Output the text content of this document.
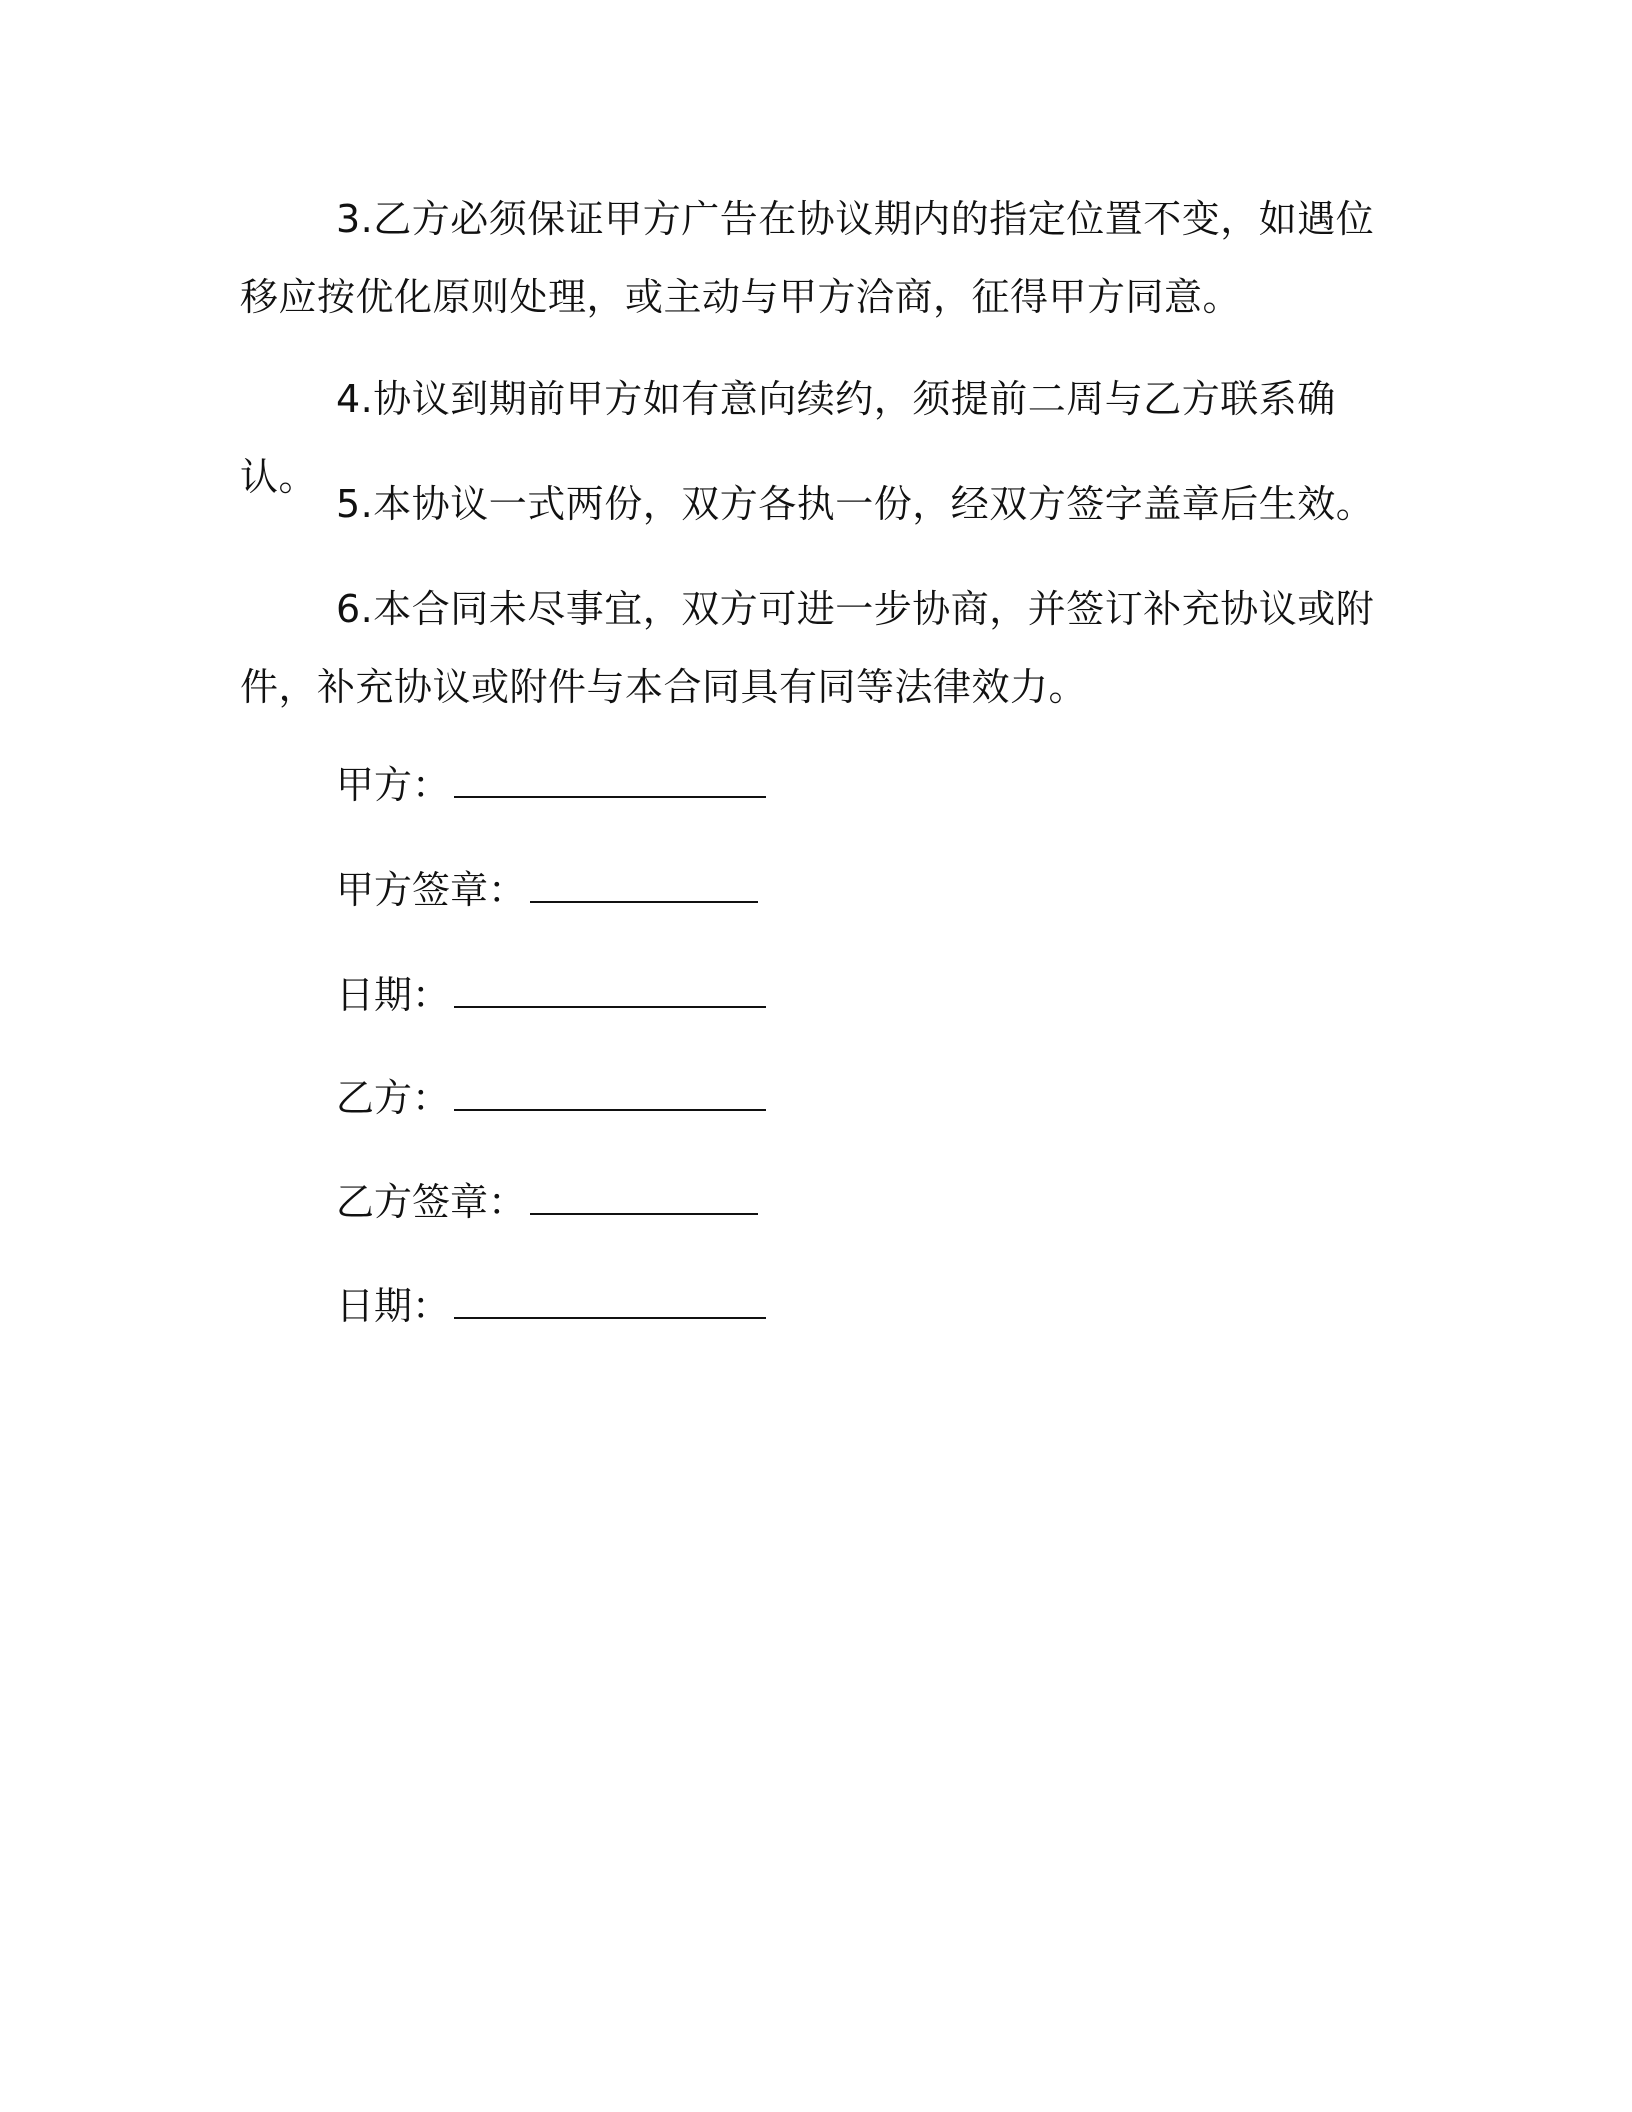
3.乙方必须保证甲方广告在协议期内的指定位置不变，如遇位移应按优化原则处理，或主动与甲方洽商，征得甲方同意。

4.协议到期前甲方如有意向续约，须提前二周与乙方联系确认。

5.本协议一式两份，双方各执一份，经双方签字盖章后生效。

6.本合同未尽事宜，双方可进一步协商，并签订补充协议或附件，补充协议或附件与本合同具有同等法律效力。

甲方：
甲方签章：
日期：
乙方：
乙方签章：
日期：
